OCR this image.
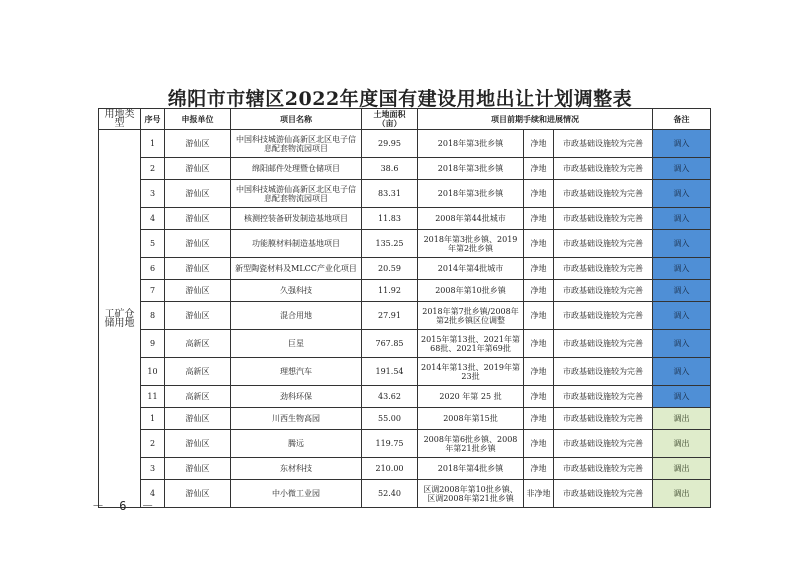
绵阳市市辖区2022年度国有建设用地出让计划调整表
用地类型	序号	申报单位	项目名称	土地面积（亩）	项目前期手续和进展情况			备注
工矿仓储用地	1	游仙区	中国科技城游仙高新区北区电子信息配套物流园项目	29.95	2018年第3批乡镇	净地	市政基础设施较为完善	调入
	2	游仙区	绵阳邮件处理暨仓储项目	38.6	2018年第3批乡镇	净地	市政基础设施较为完善	调入
	3	游仙区	中国科技城游仙高新区北区电子信息配套物流园项目	83.31	2018年第3批乡镇	净地	市政基础设施较为完善	调入
	4	游仙区	核测控装备研发制造基地项目	11.83	2008年第44批城市	净地	市政基础设施较为完善	调入
	5	游仙区	功能膜材料制造基地项目	135.25	2018年第3批乡镇、2019年第2批乡镇	净地	市政基础设施较为完善	调入
	6	游仙区	新型陶瓷材料及MLCC产业化项目	20.59	2014年第4批城市	净地	市政基础设施较为完善	调入
	7	游仙区	久强科技	11.92	2008年第10批乡镇	净地	市政基础设施较为完善	调入
	8	游仙区	混合用地	27.91	2018年第7批乡镇/2008年第2批乡镇区位调整	净地	市政基础设施较为完善	调入
	9	高新区	巨星	767.85	2015年第13批、2021年第68批、2021年第69批	净地	市政基础设施较为完善	调入
	10	高新区	理想汽车	191.54	2014年第13批、2019年第23批	净地	市政基础设施较为完善	调入
	11	高新区	劲科环保	43.62	2020 年第 25 批	净地	市政基础设施较为完善	调入
	1	游仙区	川西生物高园	55.00	2008年第15批	净地	市政基础设施较为完善	调出
	2	游仙区	腾远	119.75	2008年第6批乡镇、2008年第21批乡镇	净地	市政基础设施较为完善	调出
	3	游仙区	东材科技	210.00	2018年第4批乡镇	净地	市政基础设施较为完善	调出
	4	游仙区	中小微工业园	52.40	区调2008年第10批乡镇、区调2008年第21批乡镇	非净地	市政基础设施较为完善	调出
－ 6 －
